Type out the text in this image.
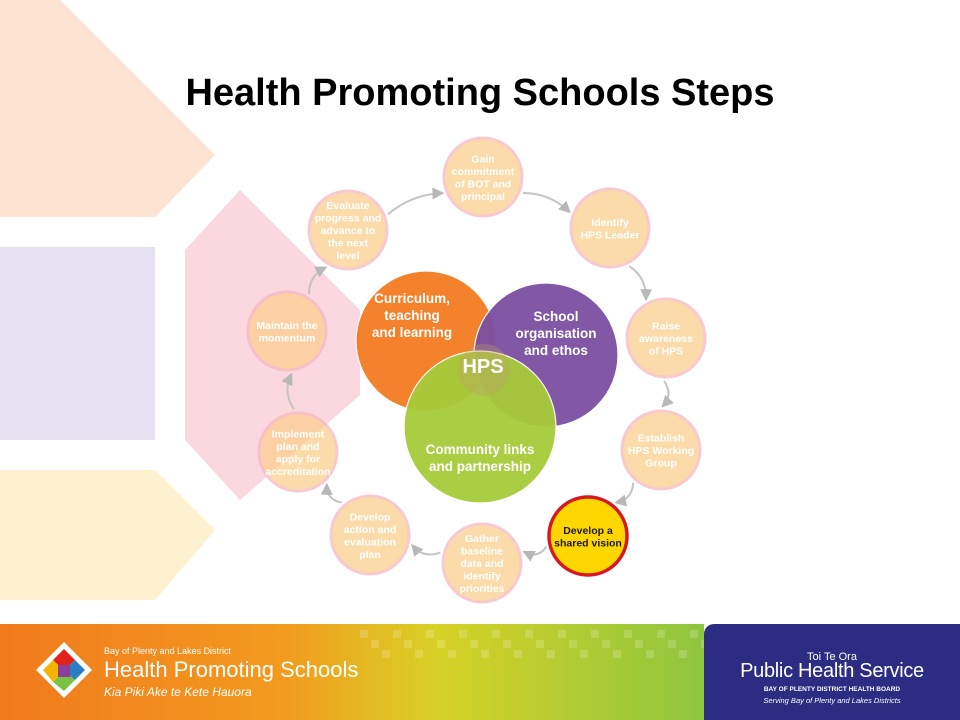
Health Promoting Schools Steps
Gain
commitment
of BOT and
principal
Identify
HPS Leader
Raise
awareness
of HPS
Establish
HPS Working
Group
Develop a
shared vision
Gather
baseline
data and
identify
priorities
Develop
action and
evaluation
plan
Implement
plan and
apply for
accreditation
Maintain the
momentum
Evaluate
progress and
advance to
the next
level
Curriculum,
teaching
and learning
School
organisation
and ethos
Community links
and partnership
HPS
Bay of Plenty and Lakes District
Health Promoting Schools
Kia Piki Ake te Kete Hauora
Toi Te Ora
Public Health Service
BAY OF PLENTY DISTRICT HEALTH BOARD
Serving Bay of Plenty and Lakes Districts
